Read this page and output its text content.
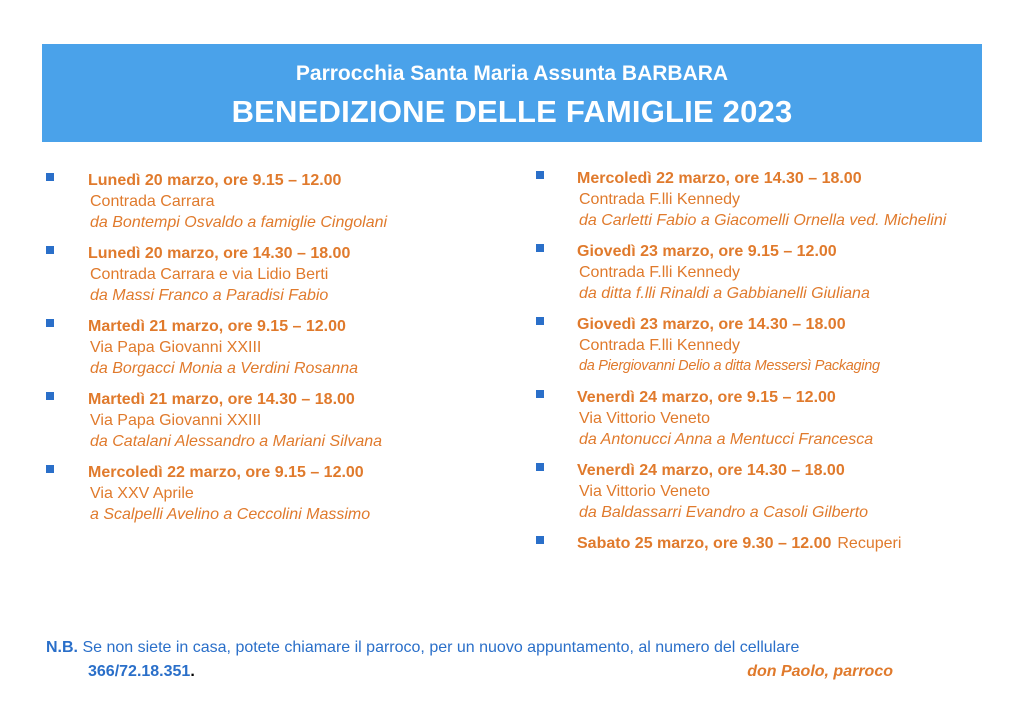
Parrocchia Santa Maria Assunta BARBARA
BENEDIZIONE DELLE FAMIGLIE 2023
Lunedì 20 marzo, ore 9.15 – 12.00
Contrada Carrara
da Bontempi Osvaldo a famiglie Cingolani
Lunedì 20 marzo, ore 14.30 – 18.00
Contrada Carrara e via Lidio Berti
da Massi Franco a Paradisi Fabio
Martedì 21 marzo, ore 9.15 – 12.00
Via Papa Giovanni XXIII
da Borgacci Monia a Verdini Rosanna
Martedì 21 marzo, ore 14.30 – 18.00
Via Papa Giovanni XXIII
da Catalani Alessandro a Mariani Silvana
Mercoledì 22 marzo, ore 9.15 – 12.00
Via XXV Aprile
a Scalpelli Avelino a Ceccolini Massimo
Mercoledì 22 marzo, ore 14.30 – 18.00
Contrada F.lli Kennedy
da Carletti Fabio a Giacomelli Ornella ved. Michelini
Giovedì 23 marzo, ore 9.15 – 12.00
Contrada F.lli Kennedy
da ditta f.lli Rinaldi a Gabbianelli Giuliana
Giovedì 23 marzo, ore 14.30 – 18.00
Contrada F.lli Kennedy
da Piergiovanni Delio a ditta Messersì Packaging
Venerdì 24 marzo, ore 9.15 – 12.00
Via Vittorio Veneto
da Antonucci Anna a Mentucci Francesca
Venerdì 24 marzo, ore 14.30 – 18.00
Via Vittorio Veneto
da Baldassarri Evandro a Casoli Gilberto
Sabato 25 marzo, ore 9.30 – 12.00 Recuperi
N.B. Se non siete in casa, potete chiamare il parroco, per un nuovo appuntamento, al numero del cellulare
366/72.18.351.	don Paolo, parroco
